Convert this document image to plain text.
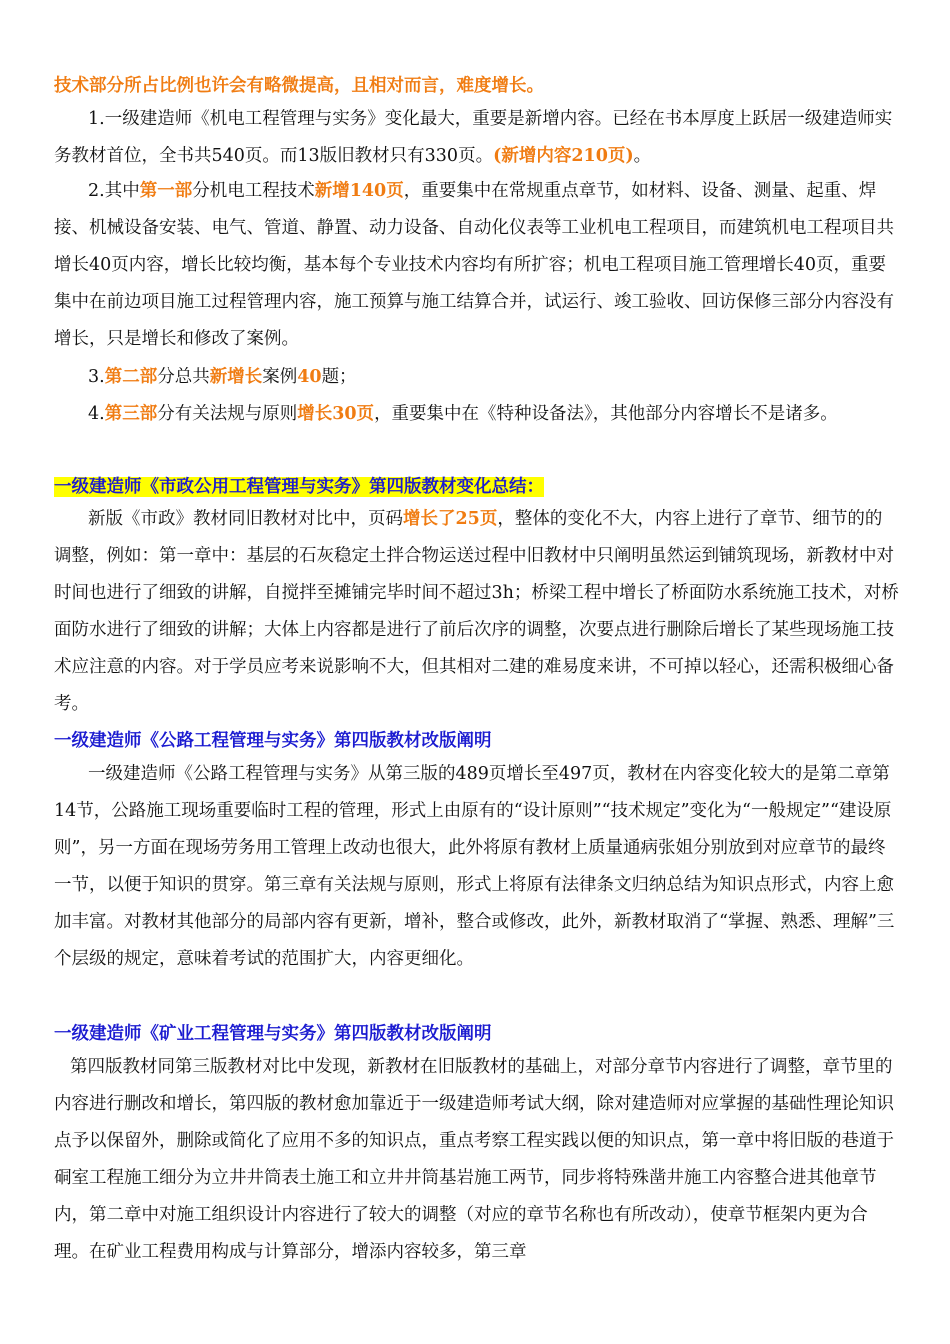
技术部分所占比例也许会有略微提高，且相对而言，难度增长。
1.一级建造师《机电工程管理与实务》变化最大，重要是新增内容。已经在书本厚度上跃居一级建造师实务教材首位，全书共540页。而13版旧教材只有330页。(新增内容210页)。
2.其中第一部分机电工程技术新增140页，重要集中在常规重点章节，如材料、设备、测量、起重、焊接、机械设备安装、电气、管道、静置、动力设备、自动化仪表等工业机电工程项目，而建筑机电工程项目共增长40页内容，增长比较均衡，基本每个专业技术内容均有所扩容；机电工程项目施工管理增长40页，重要集中在前边项目施工过程管理内容，施工预算与施工结算合并，试运行、竣工验收、回访保修三部分内容没有增长，只是增长和修改了案例。
3.第二部分总共新增长案例40题；
4.第三部分有关法规与原则增长30页，重要集中在《特种设备法》，其他部分内容增长不是诸多。
一级建造师《市政公用工程管理与实务》第四版教材变化总结：
新版《市政》教材同旧教材对比中，页码增长了25页，整体的变化不大，内容上进行了章节、细节的的调整，例如：第一章中：基层的石灰稳定土拌合物运送过程中旧教材中只阐明虽然运到铺筑现场，新教材中对时间也进行了细致的讲解，自搅拌至摊铺完毕时间不超过3h；桥梁工程中增长了桥面防水系统施工技术，对桥面防水进行了细致的讲解；大体上内容都是进行了前后次序的调整，次要点进行删除后增长了某些现场施工技术应注意的内容。对于学员应考来说影响不大，但其相对二建的难易度来讲，不可掉以轻心，还需积极细心备考。
一级建造师《公路工程管理与实务》第四版教材改版阐明
一级建造师《公路工程管理与实务》从第三版的489页增长至497页，教材在内容变化较大的是第二章第14节，公路施工现场重要临时工程的管理，形式上由原有的“设计原则”“技术规定”变化为“一般规定”“建设原则”，另一方面在现场劳务用工管理上改动也很大，此外将原有教材上质量通病张姐分别放到对应章节的最终一节，以便于知识的贯穿。第三章有关法规与原则，形式上将原有法律条文归纳总结为知识点形式，内容上愈加丰富。对教材其他部分的局部内容有更新，增补，整合或修改，此外，新教材取消了“掌握、熟悉、理解”三个层级的规定，意味着考试的范围扩大，内容更细化。
一级建造师《矿业工程管理与实务》第四版教材改版阐明
第四版教材同第三版教材对比中发现，新教材在旧版教材的基础上，对部分章节内容进行了调整，章节里的内容进行删改和增长，第四版的教材愈加靠近于一级建造师考试大纲，除对建造师对应掌握的基础性理论知识点予以保留外，删除或简化了应用不多的知识点，重点考察工程实践以便的知识点，第一章中将旧版的巷道于硐室工程施工细分为立井井筒表土施工和立井井筒基岩施工两节，同步将特殊凿井施工内容整合进其他章节内，第二章中对施工组织设计内容进行了较大的调整（对应的章节名称也有所改动），使章节框架内更为合理。在矿业工程费用构成与计算部分，增添内容较多，第三章
